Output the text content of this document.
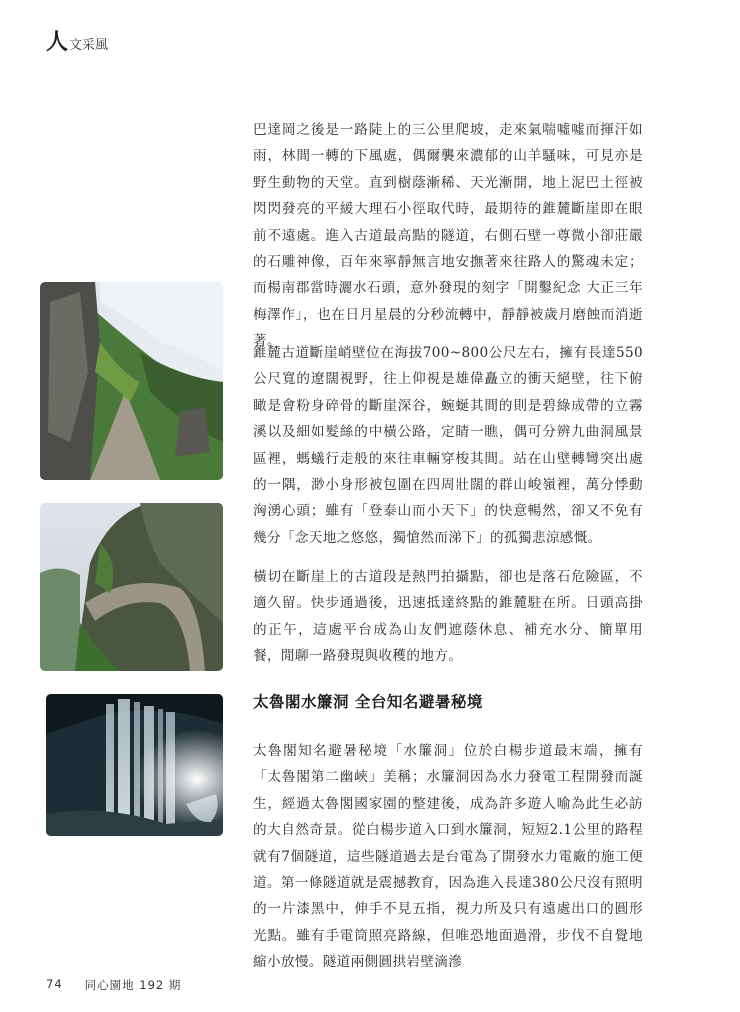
人 文采風

巴達岡之後是一路陡上的三公里爬坡，走來氣喘噓噓而揮汗如雨，林間一轉的下風處，偶爾襲來濃郁的山羊騷味，可見亦是野生動物的天堂。直到樹蔭漸稀、天光漸開，地上泥巴土徑被閃閃發亮的平緩大理石小徑取代時，最期待的錐麓斷崖即在眼前不遠處。進入古道最高點的隧道，右側石壁一尊微小卻莊嚴的石雕神像，百年來寧靜無言地安撫著來往路人的驚魂未定；而楊南郡當時灑水石頭，意外發現的刻字「開鑿紀念 大正三年梅澤作」，也在日月星晨的分秒流轉中，靜靜被歲月磨蝕而消逝著。

錐麓古道斷崖峭壁位在海拔700~800公尺左右，擁有長達550公尺寬的遼闊視野，往上仰視是雄偉矗立的衝天絕壁，往下俯瞰是會粉身碎骨的斷崖深谷，蜿蜒其間的則是碧綠成帶的立霧溪以及細如髮絲的中橫公路，定睛一瞧，偶可分辨九曲洞風景區裡，螞蟻行走般的來往車輛穿梭其間。站在山壁轉彎突出處的一隅，渺小身形被包圍在四周壯闊的群山峻嶺裡，萬分悸動洶湧心頭；雖有「登泰山而小天下」的快意暢然，卻又不免有幾分「念天地之悠悠，獨愴然而涕下」的孤獨悲涼感慨。

橫切在斷崖上的古道段是熱門拍攝點，卻也是落石危險區，不適久留。快步通過後，迅速抵達終點的錐麓駐在所。日頭高掛的正午，這處平台成為山友們遮蔭休息、補充水分、簡單用餐，閒聊一路發現與收穫的地方。

太魯閣水簾洞 全台知名避暑秘境

太魯閣知名避暑秘境「水簾洞」位於白楊步道最末端，擁有「太魯閣第二幽峽」美稱；水簾洞因為水力發電工程開發而誕生，經過太魯閣國家園的整建後，成為許多遊人喻為此生必訪的大自然奇景。從白楊步道入口到水簾洞，短短2.1公里的路程就有7個隧道，這些隧道過去是台電為了開發水力電廠的施工便道。第一條隧道就是震撼教育，因為進入長達380公尺沒有照明的一片漆黑中，伸手不見五指，視力所及只有遠處出口的圓形光點。雖有手電筒照亮路線，但唯恐地面過滑，步伐不自覺地縮小放慢。隧道兩側圓拱岩壁滴滲

74 同心園地 192 期
